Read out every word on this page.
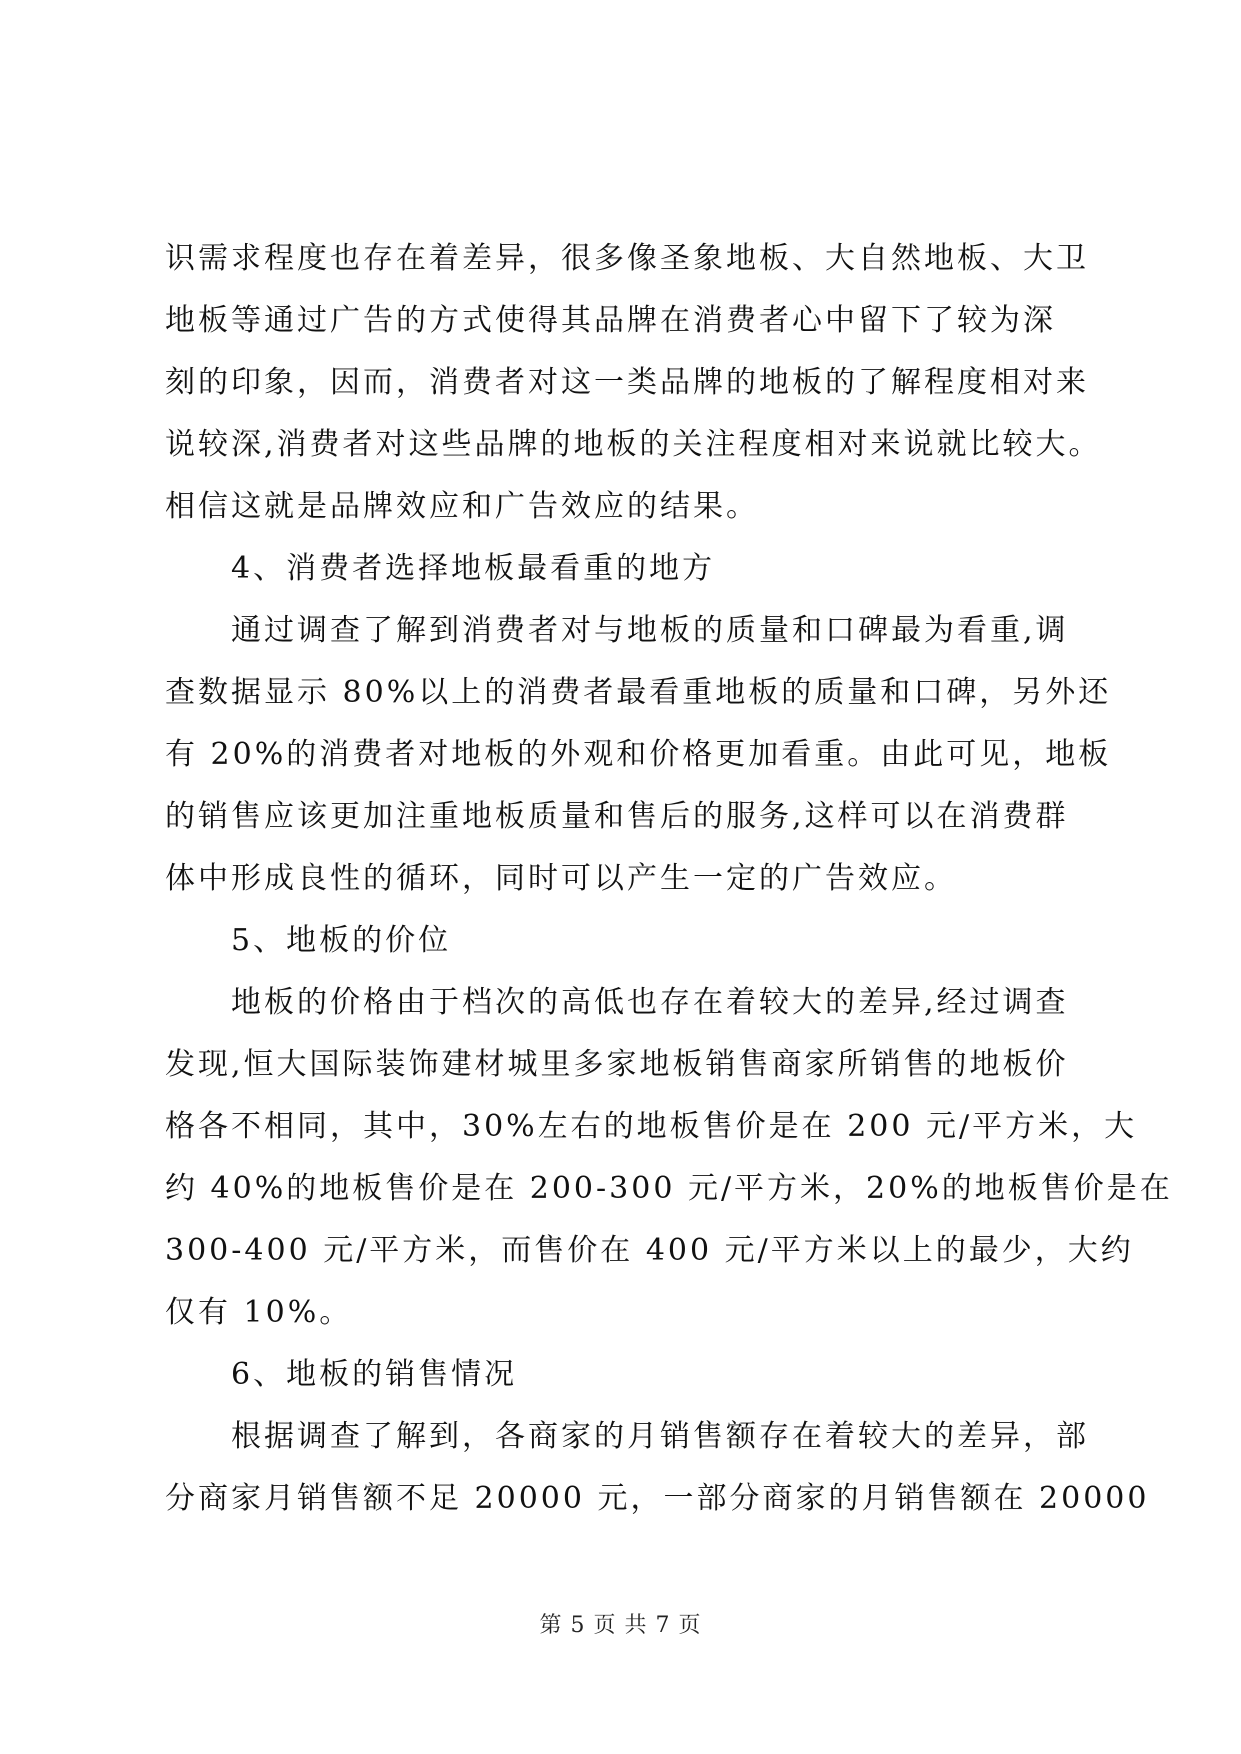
识需求程度也存在着差异，很多像圣象地板、大自然地板、大卫
地板等通过广告的方式使得其品牌在消费者心中留下了较为深
刻的印象，因而，消费者对这一类品牌的地板的了解程度相对来
说较深,消费者对这些品牌的地板的关注程度相对来说就比较大。
相信这就是品牌效应和广告效应的结果。
4、消费者选择地板最看重的地方
通过调查了解到消费者对与地板的质量和口碑最为看重,调
查数据显示 80%以上的消费者最看重地板的质量和口碑，另外还
有 20%的消费者对地板的外观和价格更加看重。由此可见，地板
的销售应该更加注重地板质量和售后的服务,这样可以在消费群
体中形成良性的循环，同时可以产生一定的广告效应。
5、地板的价位
地板的价格由于档次的高低也存在着较大的差异,经过调查
发现,恒大国际装饰建材城里多家地板销售商家所销售的地板价
格各不相同，其中，30%左右的地板售价是在 200 元/平方米，大
约 40%的地板售价是在 200-300 元/平方米，20%的地板售价是在
300-400 元/平方米，而售价在 400 元/平方米以上的最少，大约
仅有 10%。
6、地板的销售情况
根据调查了解到，各商家的月销售额存在着较大的差异，部
分商家月销售额不足 20000 元，一部分商家的月销售额在 20000
第 5 页 共 7 页
